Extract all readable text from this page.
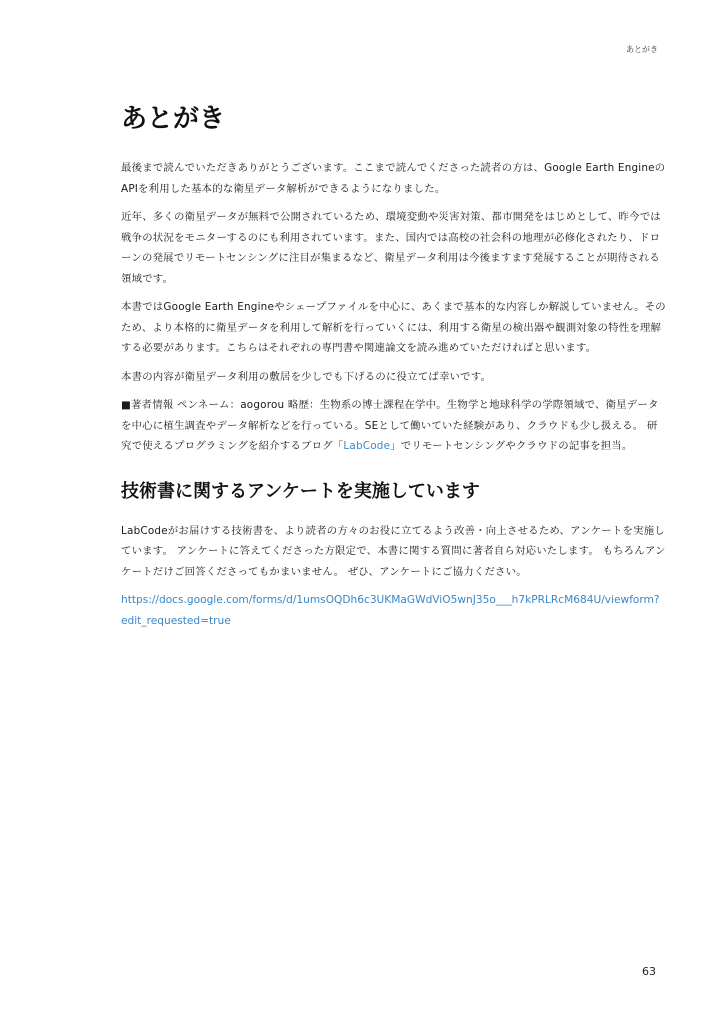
あとがき
あとがき

最後まで読んでいただきありがとうございます。ここまで読んでくださった読者の方は、Google Earth EngineのAPIを利用した基本的な衛星データ解析ができるようになりました。

近年、多くの衛星データが無料で公開されているため、環境変動や災害対策、都市開発をはじめとして、昨今では戦争の状況をモニターするのにも利用されています。また、国内では高校の社会科の地理が必修化されたり、ドローンの発展でリモートセンシングに注目が集まるなど、衛星データ利用は今後ますます発展することが期待される領域です。

本書ではGoogle Earth Engineやシェープファイルを中心に、あくまで基本的な内容しか解説していません。そのため、より本格的に衛星データを利用して解析を行っていくには、利用する衛星の検出器や観測対象の特性を理解する必要があります。こちらはそれぞれの専門書や関連論文を読み進めていただければと思います。

本書の内容が衛星データ利用の敷居を少しでも下げるのに役立てば幸いです。

■著者情報 ペンネーム：aogorou 略歴：生物系の博士課程在学中。生物学と地球科学の学際領域で、衛星データを中心に植生調査やデータ解析などを行っている。SEとして働いていた経験があり、クラウドも少し扱える。 研究で使えるプログラミングを紹介するブログ「LabCode」でリモートセンシングやクラウドの記事を担当。

技術書に関するアンケートを実施しています

LabCodeがお届けする技術書を、より読者の方々のお役に立てるよう改善・向上させるため、アンケートを実施しています。 アンケートに答えてくださった方限定で、本書に関する質問に著者自ら対応いたします。 もちろんアンケートだけご回答くださってもかまいません。 ぜひ、アンケートにご協力ください。

https://docs.google.com/forms/d/1umsOQDh6c3UKMaGWdViO5wnJ35o___h7kPRLRcM684U/viewform?edit_requested=true

63
